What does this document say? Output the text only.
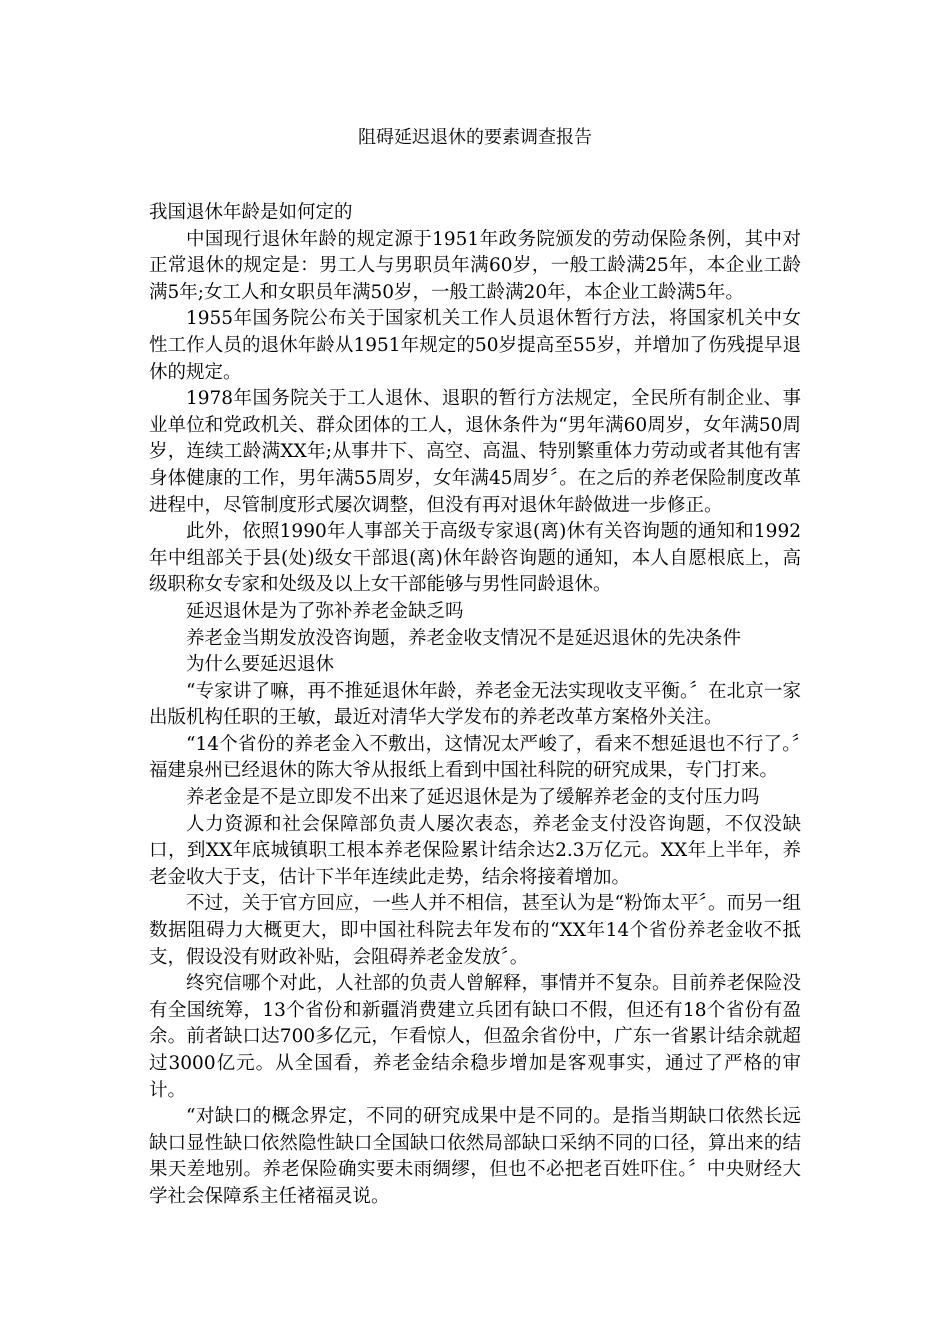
阻碍延迟退休的要素调查报告

我国退休年龄是如何定的

中国现行退休年龄的规定源于1951年政务院颁发的劳动保险条例，其中对正常退休的规定是：男工人与男职员年满60岁，一般工龄满25年，本企业工龄满5年;女工人和女职员年满50岁，一般工龄满20年，本企业工龄满5年。

1955年国务院公布关于国家机关工作人员退休暂行方法，将国家机关中女性工作人员的退休年龄从1951年规定的50岁提高至55岁，并增加了伤残提早退休的规定。

1978年国务院关于工人退休、退职的暂行方法规定，全民所有制企业、事业单位和党政机关、群众团体的工人，退休条件为“男年满60周岁，女年满50周岁，连续工龄满XX年;从事井下、高空、高温、特别繁重体力劳动或者其他有害身体健康的工作，男年满55周岁，女年满45周岁〞。在之后的养老保险制度改革进程中，尽管制度形式屡次调整，但没有再对退休年龄做进一步修正。

此外，依照1990年人事部关于高级专家退(离)休有关咨询题的通知和1992年中组部关于县(处)级女干部退(离)休年龄咨询题的通知，本人自愿根底上，高级职称女专家和处级及以上女干部能够与男性同龄退休。

延迟退休是为了弥补养老金缺乏吗

养老金当期发放没咨询题，养老金收支情况不是延迟退休的先决条件

为什么要延迟退休

“专家讲了嘛，再不推延退休年龄，养老金无法实现收支平衡。〞在北京一家出版机构任职的王敏，最近对清华大学发布的养老改革方案格外关注。

“14个省份的养老金入不敷出，这情况太严峻了，看来不想延退也不行了。〞福建泉州已经退休的陈大爷从报纸上看到中国社科院的研究成果，专门打来。

养老金是不是立即发不出来了延迟退休是为了缓解养老金的支付压力吗

人力资源和社会保障部负责人屡次表态，养老金支付没咨询题，不仅没缺口，到XX年底城镇职工根本养老保险累计结余达2.3万亿元。XX年上半年，养老金收大于支，估计下半年连续此走势，结余将接着增加。

不过，关于官方回应，一些人并不相信，甚至认为是“粉饰太平〞。而另一组数据阻碍力大概更大，即中国社科院去年发布的“XX年14个省份养老金收不抵支，假设没有财政补贴，会阻碍养老金发放〞。

终究信哪个对此，人社部的负责人曾解释，事情并不复杂。目前养老保险没有全国统筹，13个省份和新疆消费建立兵团有缺口不假，但还有18个省份有盈余。前者缺口达700多亿元，乍看惊人，但盈余省份中，广东一省累计结余就超过3000亿元。从全国看，养老金结余稳步增加是客观事实，通过了严格的审计。

“对缺口的概念界定，不同的研究成果中是不同的。是指当期缺口依然长远缺口显性缺口依然隐性缺口全国缺口依然局部缺口采纳不同的口径，算出来的结果天差地别。养老保险确实要未雨绸缪，但也不必把老百姓吓住。〞中央财经大学社会保障系主任褚福灵说。
